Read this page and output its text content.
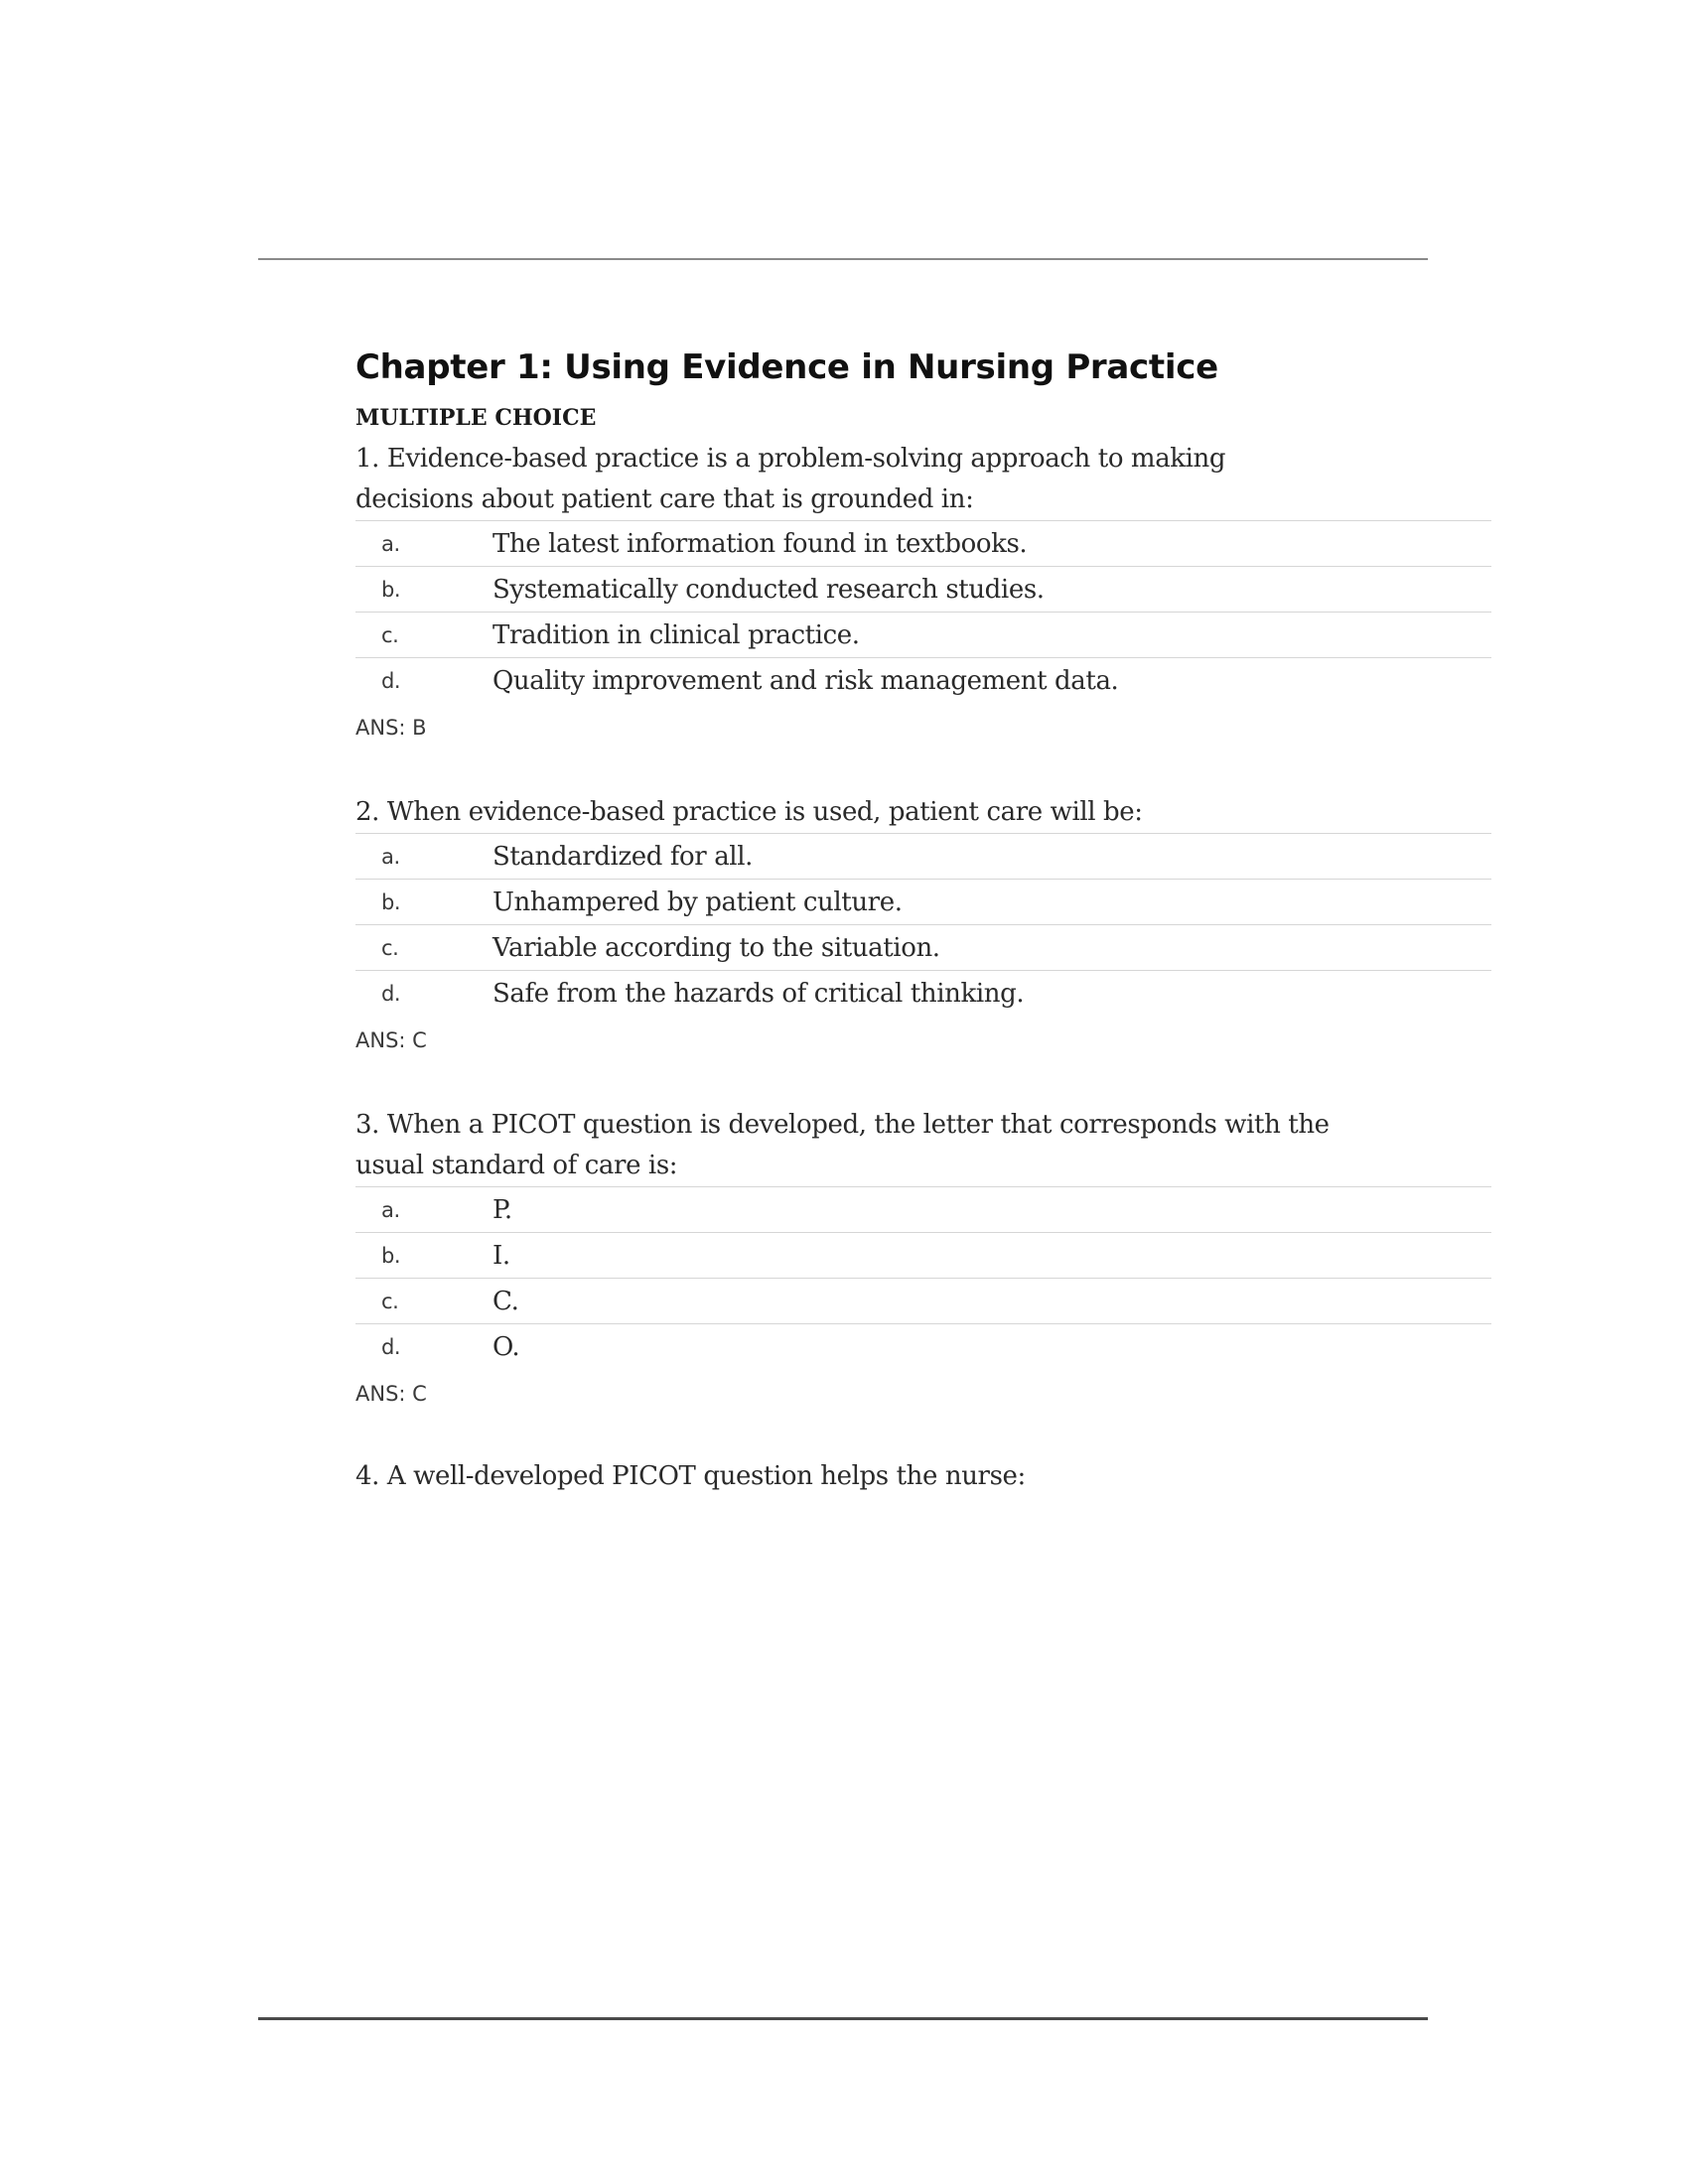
Chapter 1: Using Evidence in Nursing Practice
MULTIPLE CHOICE
1. Evidence-based practice is a problem-solving approach to making decisions about patient care that is grounded in:
a.	The latest information found in textbooks.
b.	Systematically conducted research studies.
c.	Tradition in clinical practice.
d.	Quality improvement and risk management data.
ANS: B
2. When evidence-based practice is used, patient care will be:
a.	Standardized for all.
b.	Unhampered by patient culture.
c.	Variable according to the situation.
d.	Safe from the hazards of critical thinking.
ANS: C
3. When a PICOT question is developed, the letter that corresponds with the usual standard of care is:
a.	P.
b.	I.
c.	C.
d.	O.
ANS: C
4. A well-developed PICOT question helps the nurse:
